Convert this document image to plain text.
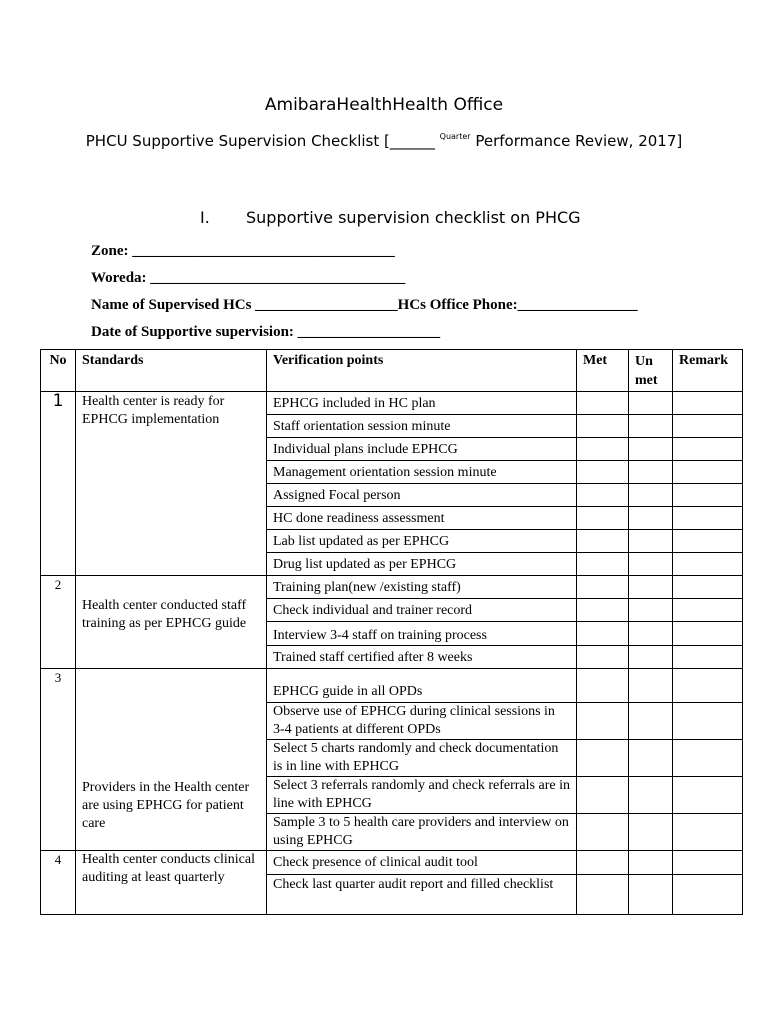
AmibaraHealthHealth Office
PHCU Supportive Supervision Checklist [______ $^{Quarter}$ Performance Review, 2017]
I. Supportive supervision checklist on PHCG
Zone: ___________________________________
Woreda: __________________________________
Name of Supervised HCs ___________________HCs Office Phone:________________
Date of Supportive supervision: ___________________
No	Standards	Verification points	Met	Un met	Remark
1	Health center is ready for EPHCG implementation	EPHCG included in HC plan			
		Staff orientation session minute			
		Individual plans include EPHCG			
		Management orientation session minute			
		Assigned Focal person			
		HC done readiness assessment			
		Lab list updated as per EPHCG			
		Drug list updated as per EPHCG			
2	Health center conducted staff training as per EPHCG guide	Training plan(new /existing staff)			
		Check individual and trainer record			
		Interview 3-4 staff on training process			
		Trained staff certified after 8 weeks			
3	Providers in the Health center are using EPHCG for patient care	EPHCG guide in all OPDs			
		Observe use of EPHCG during clinical sessions in 3-4 patients at different OPDs			
		Select 5 charts randomly and check documentation is in line with EPHCG			
		Select 3 referrals randomly and check referrals are in line with EPHCG			
		Sample 3 to 5 health care providers and interview on using EPHCG			
4	Health center conducts clinical auditing at least quarterly	Check presence of clinical audit tool			
		Check last quarter audit report and filled checklist			
